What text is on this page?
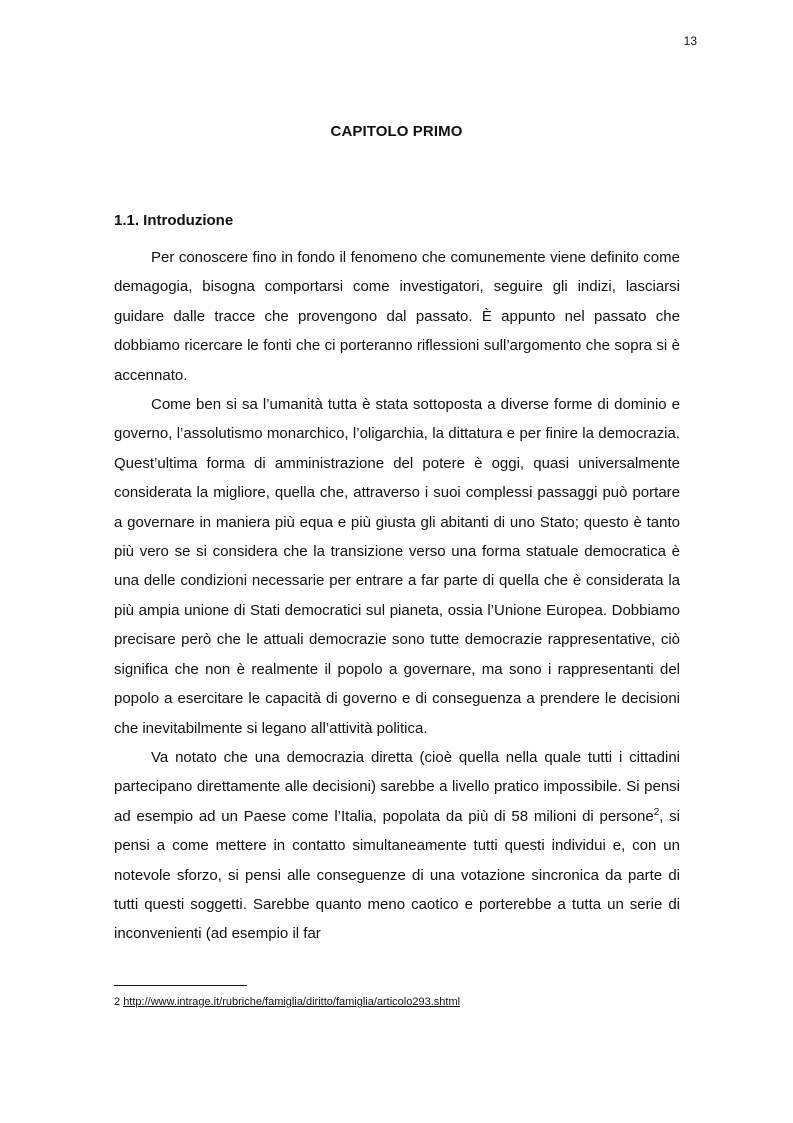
13
CAPITOLO PRIMO
1.1. Introduzione

Per conoscere fino in fondo il fenomeno che comunemente viene definito come demagogia, bisogna comportarsi come investigatori, seguire gli indizi, lasciarsi guidare dalle tracce che provengono dal passato. È appunto nel passato che dobbiamo ricercare le fonti che ci porteranno riflessioni sull’argomento che sopra si è accennato.

Come ben si sa l’umanità tutta è stata sottoposta a diverse forme di dominio e governo, l’assolutismo monarchico, l’oligarchia, la dittatura e per finire la democrazia. Quest’ultima forma di amministrazione del potere è oggi, quasi universalmente considerata la migliore, quella che, attraverso i suoi complessi passaggi può portare a governare in maniera più equa e più giusta gli abitanti di uno Stato; questo è tanto più vero se si considera che la transizione verso una forma statuale democratica è una delle condizioni necessarie per entrare a far parte di quella che è considerata la più ampia unione di Stati democratici sul pianeta, ossia l’Unione Europea. Dobbiamo precisare però che le attuali democrazie sono tutte democrazie rappresentative, ciò significa che non è realmente il popolo a governare, ma sono i rappresentanti del popolo a esercitare le capacità di governo e di conseguenza a prendere le decisioni che inevitabilmente si legano all’attività politica.

Va notato che una democrazia diretta (cioè quella nella quale tutti i cittadini partecipano direttamente alle decisioni) sarebbe a livello pratico impossibile. Si pensi ad esempio ad un Paese come l’Italia, popolata da più di 58 milioni di persone$^2$, si pensi a come mettere in contatto simultaneamente tutti questi individui e, con un notevole sforzo, si pensi alle conseguenze di una votazione sincronica da parte di tutti questi soggetti. Sarebbe quanto meno caotico e porterebbe a tutta un serie di inconvenienti (ad esempio il far

2 http://www.intrage.it/rubriche/famiglia/diritto/famiglia/articolo293.shtml
